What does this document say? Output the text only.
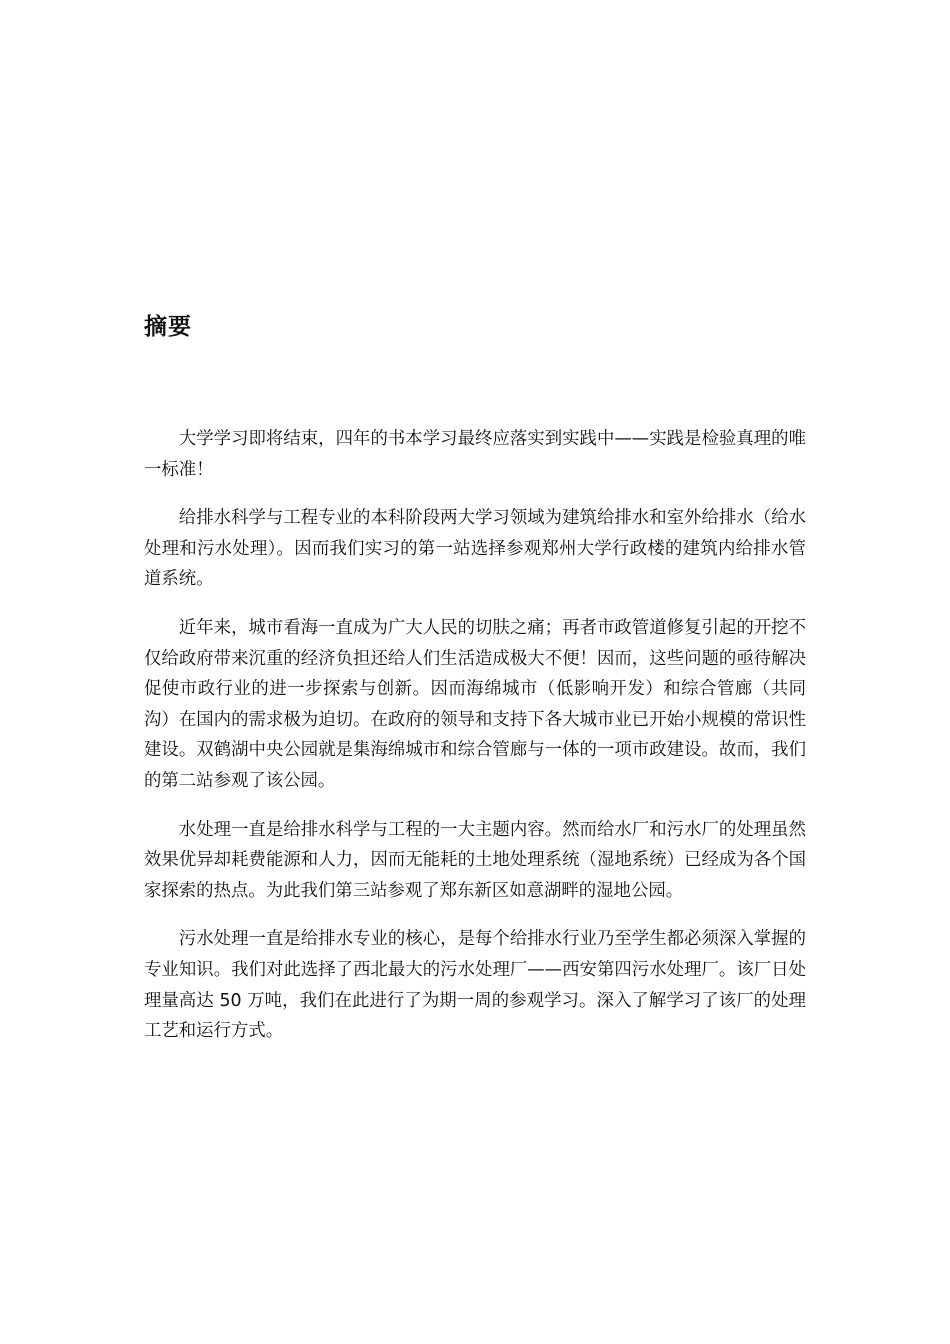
摘要

大学学习即将结束，四年的书本学习最终应落实到实践中——实践是检验真理的唯一标准！

给排水科学与工程专业的本科阶段两大学习领域为建筑给排水和室外给排水（给水处理和污水处理）。因而我们实习的第一站选择参观郑州大学行政楼的建筑内给排水管道系统。

近年来，城市看海一直成为广大人民的切肤之痛；再者市政管道修复引起的开挖不仅给政府带来沉重的经济负担还给人们生活造成极大不便！因而，这些问题的亟待解决促使市政行业的进一步探索与创新。因而海绵城市（低影响开发）和综合管廊（共同沟）在国内的需求极为迫切。在政府的领导和支持下各大城市业已开始小规模的常识性建设。双鹤湖中央公园就是集海绵城市和综合管廊与一体的一项市政建设。故而，我们的第二站参观了该公园。

水处理一直是给排水科学与工程的一大主题内容。然而给水厂和污水厂的处理虽然效果优异却耗费能源和人力，因而无能耗的土地处理系统（湿地系统）已经成为各个国家探索的热点。为此我们第三站参观了郑东新区如意湖畔的湿地公园。

污水处理一直是给排水专业的核心，是每个给排水行业乃至学生都必须深入掌握的专业知识。我们对此选择了西北最大的污水处理厂——西安第四污水处理厂。该厂日处理量高达 50 万吨，我们在此进行了为期一周的参观学习。深入了解学习了该厂的处理工艺和运行方式。
